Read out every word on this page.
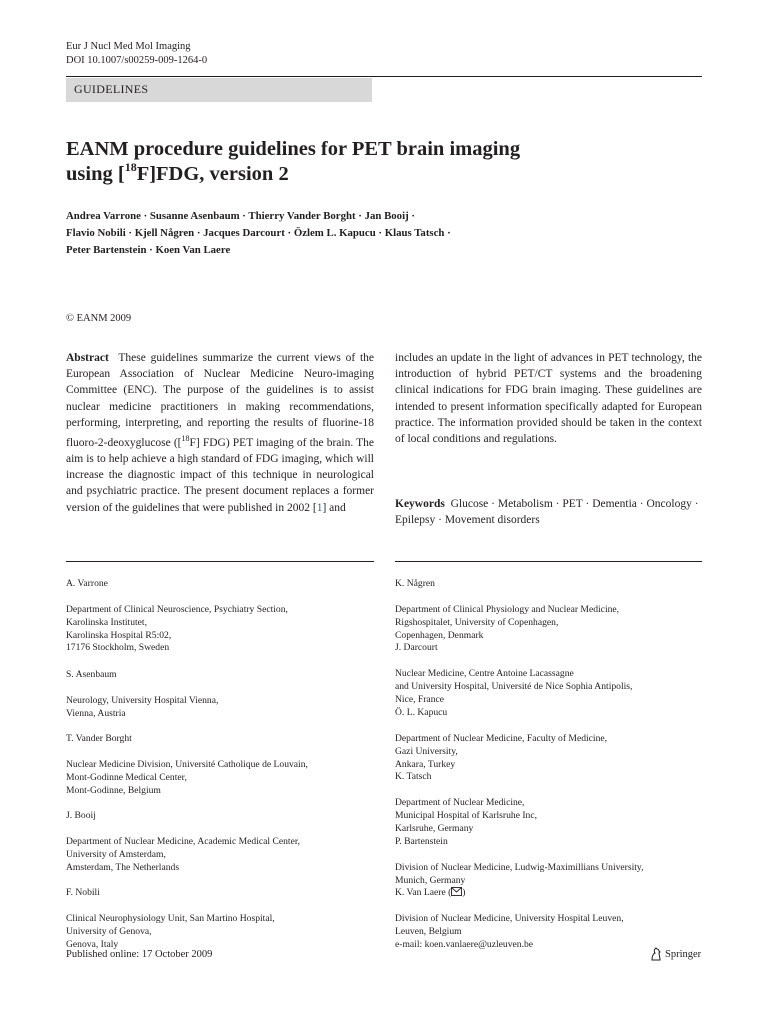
Eur J Nucl Med Mol Imaging
DOI 10.1007/s00259-009-1264-0
GUIDELINES
EANM procedure guidelines for PET brain imaging
using [$^{18}$F]FDG, version 2
Andrea Varrone · Susanne Asenbaum · Thierry Vander Borght · Jan Booij ·
Flavio Nobili · Kjell Någren · Jacques Darcourt · Özlem L. Kapucu · Klaus Tatsch ·
Peter Bartenstein · Koen Van Laere
© EANM 2009
Abstract These guidelines summarize the current views of the European Association of Nuclear Medicine Neuro-imaging Committee (ENC). The purpose of the guidelines is to assist nuclear medicine practitioners in making recommendations, performing, interpreting, and reporting the results of fluorine-18 fluoro-2-deoxyglucose ([$^{18}$F] FDG) PET imaging of the brain. The aim is to help achieve a high standard of FDG imaging, which will increase the diagnostic impact of this technique in neurological and psychiatric practice. The present document replaces a former version of the guidelines that were published in 2002 [1] and
includes an update in the light of advances in PET technology, the introduction of hybrid PET/CT systems and the broadening clinical indications for FDG brain imaging. These guidelines are intended to present information specifically adapted for European practice. The information provided should be taken in the context of local conditions and regulations.
Keywords Glucose · Metabolism · PET · Dementia · Oncology · Epilepsy · Movement disorders

A. Varrone

Department of Clinical Neuroscience, Psychiatry Section,
Karolinska Institutet,
Karolinska Hospital R5:02,
17176 Stockholm, Sweden

S. Asenbaum

Neurology, University Hospital Vienna,
Vienna, Austria

T. Vander Borght

Nuclear Medicine Division, Université Catholique de Louvain,
Mont-Godinne Medical Center,
Mont-Godinne, Belgium

J. Booij

Department of Nuclear Medicine, Academic Medical Center,
University of Amsterdam,
Amsterdam, The Netherlands

F. Nobili

Clinical Neurophysiology Unit, San Martino Hospital,
University of Genova,
Genova, Italy

K. Någren

Department of Clinical Physiology and Nuclear Medicine,
Rigshospitalet, University of Copenhagen,
Copenhagen, Denmark

J. Darcourt

Nuclear Medicine, Centre Antoine Lacassagne
and University Hospital, Université de Nice Sophia Antipolis,
Nice, France

Ö. L. Kapucu

Department of Nuclear Medicine, Faculty of Medicine,
Gazi University,
Ankara, Turkey

K. Tatsch

Department of Nuclear Medicine,
Municipal Hospital of Karlsruhe Inc,
Karlsruhe, Germany

P. Bartenstein

Division of Nuclear Medicine, Ludwig-Maximillians University,
Munich, Germany

K. Van Laere ( )

Division of Nuclear Medicine, University Hospital Leuven,
Leuven, Belgium
e-mail: koen.vanlaere@uzleuven.be

Published online: 17 October 2009	Springer
